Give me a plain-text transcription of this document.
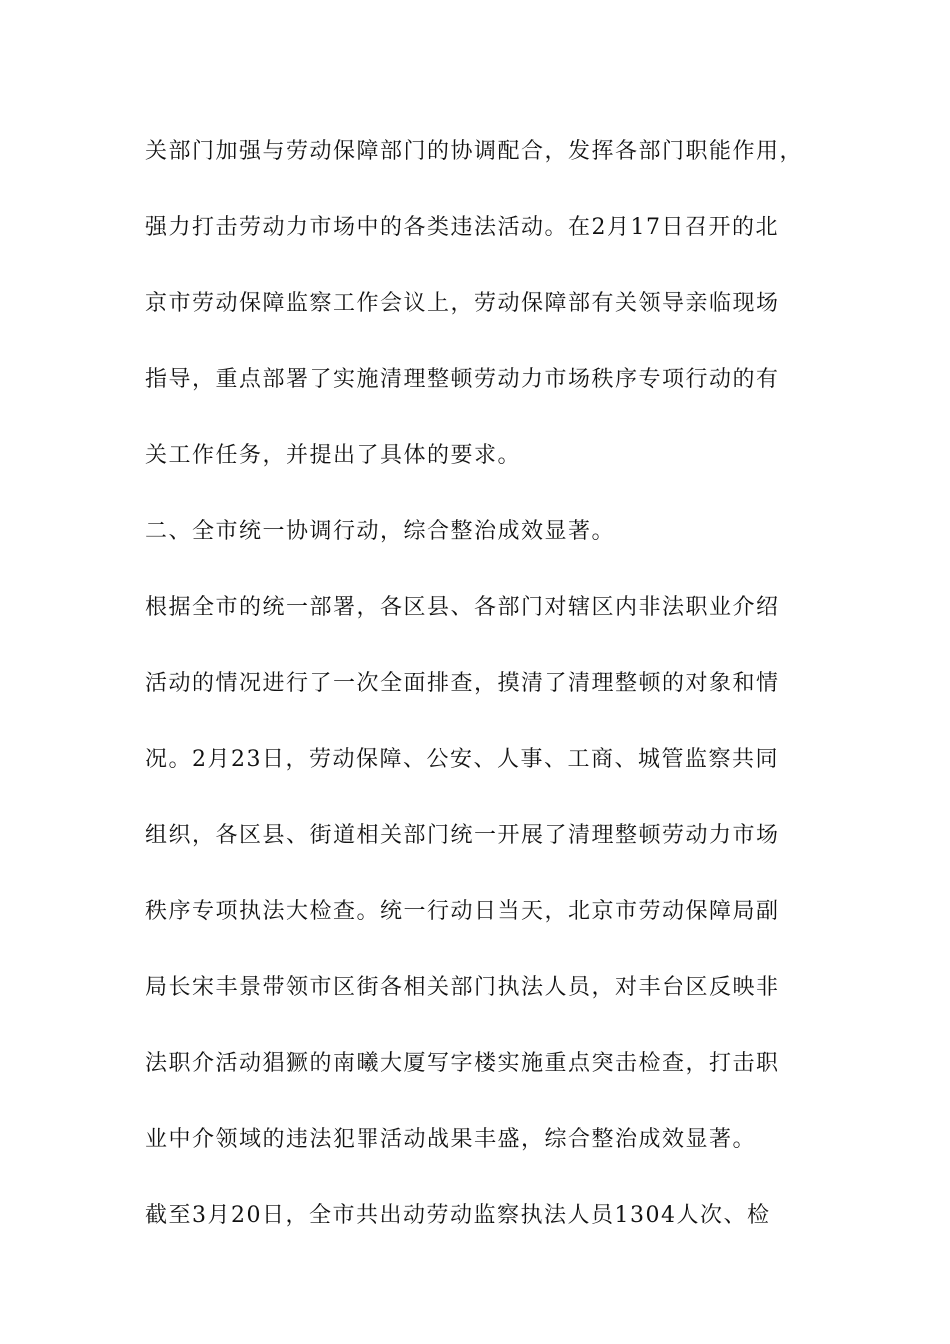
关部门加强与劳动保障部门的协调配合，发挥各部门职能作用，
强力打击劳动力市场中的各类违法活动。在2月17日召开的北
京市劳动保障监察工作会议上，劳动保障部有关领导亲临现场
指导，重点部署了实施清理整顿劳动力市场秩序专项行动的有
关工作任务，并提出了具体的要求。
二、全市统一协调行动，综合整治成效显著。
根据全市的统一部署，各区县、各部门对辖区内非法职业介绍
活动的情况进行了一次全面排查，摸清了清理整顿的对象和情
况。2月23日，劳动保障、公安、人事、工商、城管监察共同
组织，各区县、街道相关部门统一开展了清理整顿劳动力市场
秩序专项执法大检查。统一行动日当天，北京市劳动保障局副
局长宋丰景带领市区街各相关部门执法人员，对丰台区反映非
法职介活动猖獗的南曦大厦写字楼实施重点突击检查，打击职
业中介领域的违法犯罪活动战果丰盛，综合整治成效显著。
截至3月20日，全市共出动劳动监察执法人员1304人次、检
